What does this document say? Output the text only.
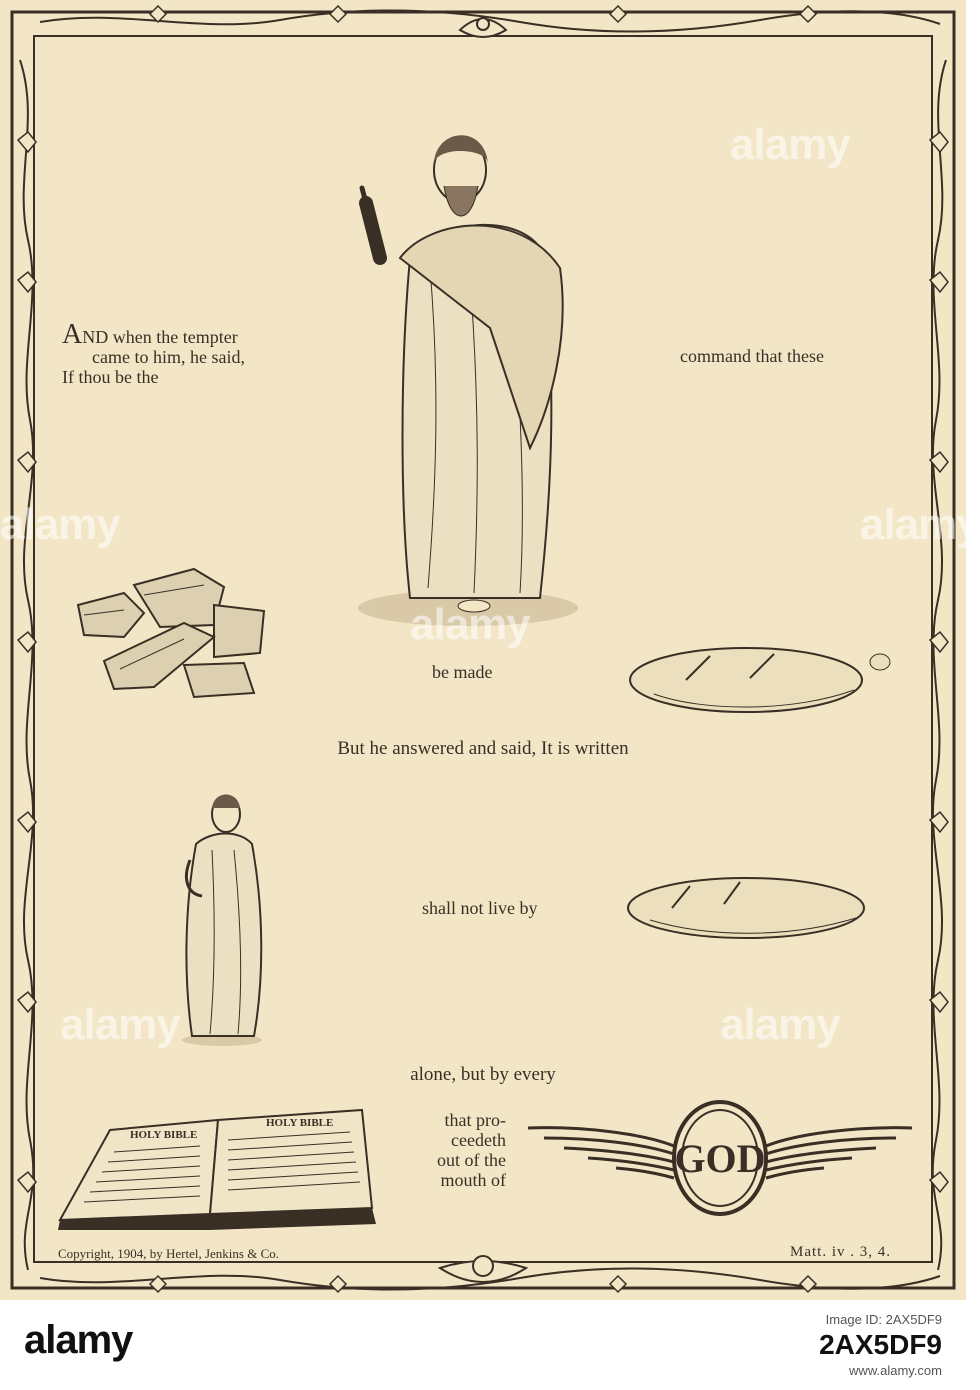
HOLY BIBLE
HOLY BIBLE
GOD
AND when the tempter
came to him, he said,
If thou be the
command that these
be made
But he answered and said, It is written
shall not live by
alone, but by every
that pro-
ceedeth
out of the
mouth of
Copyright, 1904, by Hertel, Jenkins & Co.	Matt. iv . 3, 4.
alamy
alamy
alamy
alamy
alamy
alamy
alamy	Image ID: 2AX5DF9
2AX5DF9
www.alamy.com
